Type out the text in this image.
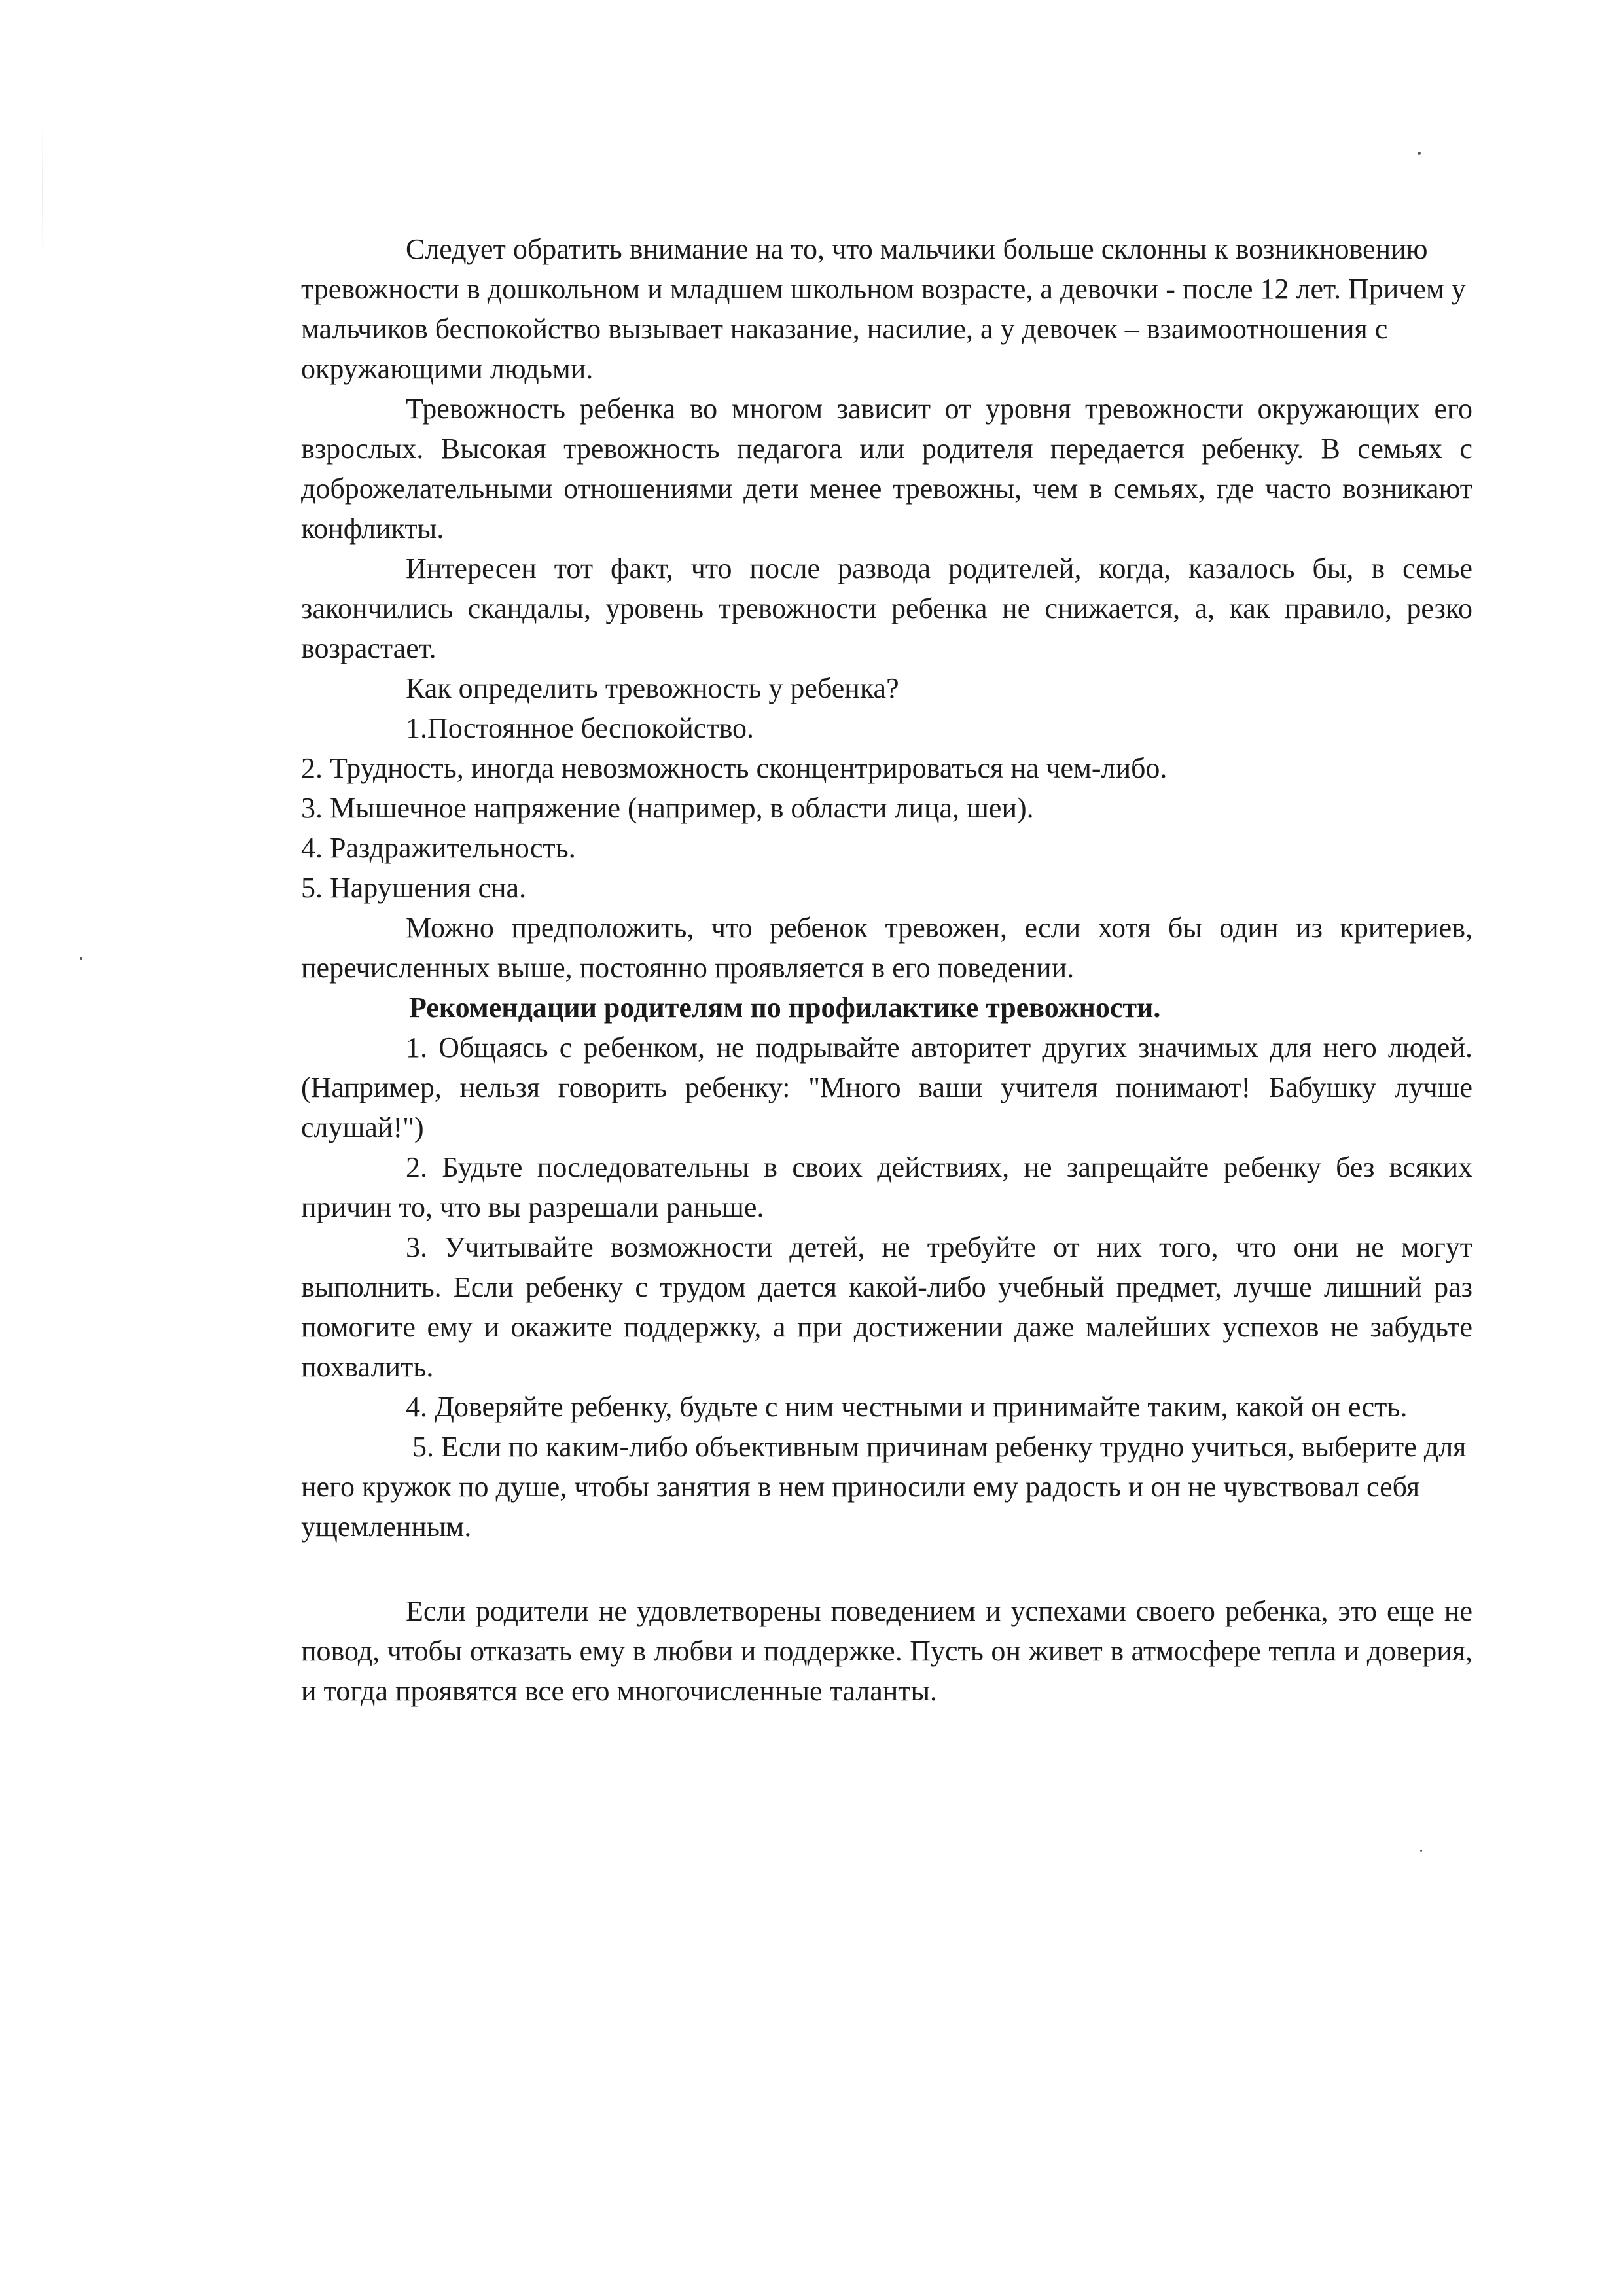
Следует обратить внимание на то, что мальчики больше склонны к возникновению тревожности в дошкольном и младшем школьном возрасте, а девочки - после 12 лет. Причем у мальчиков беспокойство вызывает наказание, насилие, а у девочек – взаимоотношения с окружающими людьми.

Тревожность ребенка во многом зависит от уровня тревожности окружающих его взрослых. Высокая тревожность педагога или родителя передается ребенку. В семьях с доброжелательными отношениями дети менее тревожны, чем в семьях, где часто возникают конфликты.

Интересен тот факт, что после развода родителей, когда, казалось бы, в семье закончились скандалы, уровень тревожности ребенка не снижается, а, как правило, резко возрастает.

Как определить тревожность у ребенка?

1.Постоянное беспокойство.

2. Трудность, иногда невозможность сконцентрироваться на чем-либо.

3. Мышечное напряжение (например, в области лица, шеи).

4. Раздражительность.

5. Нарушения сна.

Можно предположить, что ребенок тревожен, если хотя бы один из критериев, перечисленных выше, постоянно проявляется в его поведении.

Рекомендации родителям по профилактике тревожности.

1. Общаясь с ребенком, не подрывайте авторитет других значимых для него людей. (Например, нельзя говорить ребенку: "Много ваши учителя понимают! Бабушку лучше слушай!")

2. Будьте последовательны в своих действиях, не запрещайте ребенку без всяких причин то, что вы разрешали раньше.

3. Учитывайте возможности детей, не требуйте от них того, что они не могут выполнить. Если ребенку с трудом дается какой-либо учебный предмет, лучше лишний раз помогите ему и окажите поддержку, а при достижении даже малейших успехов не забудьте похвалить.

4. Доверяйте ребенку, будьте с ним честными и принимайте таким, какой он есть.

5. Если по каким-либо объективным причинам ребенку трудно учиться, выберите для него кружок по душе, чтобы занятия в нем приносили ему радость и он не чувствовал себя ущемленным.

Если родители не удовлетворены поведением и успехами своего ребенка, это еще не повод, чтобы отказать ему в любви и поддержке. Пусть он живет в атмосфере тепла и доверия, и тогда проявятся все его многочисленные таланты.
